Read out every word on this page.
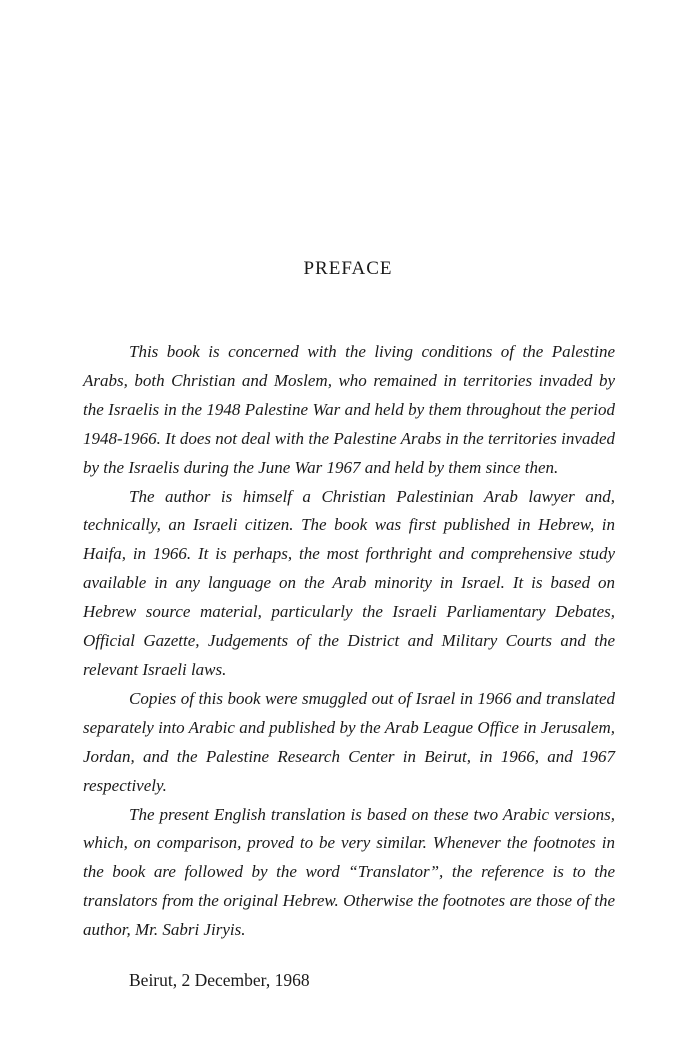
PREFACE

This book is concerned with the living conditions of the Palestine Arabs, both Christian and Moslem, who remained in territories invaded by the Israelis in the 1948 Palestine War and held by them throughout the period 1948-1966. It does not deal with the Palestine Arabs in the territories invaded by the Israelis during the June War 1967 and held by them since then.

The author is himself a Christian Palestinian Arab lawyer and, technically, an Israeli citizen. The book was first published in Hebrew, in Haifa, in 1966. It is perhaps, the most forthright and comprehensive study available in any language on the Arab minority in Israel. It is based on Hebrew source material, particularly the Israeli Parliamentary Debates, Official Gazette, Judgements of the District and Military Courts and the relevant Israeli laws.

Copies of this book were smuggled out of Israel in 1966 and translated separately into Arabic and published by the Arab League Office in Jerusalem, Jordan, and the Palestine Research Center in Beirut, in 1966, and 1967 respectively.

The present English translation is based on these two Arabic versions, which, on comparison, proved to be very similar. Whenever the footnotes in the book are followed by the word “Translator”, the reference is to the translators from the original Hebrew. Otherwise the footnotes are those of the author, Mr. Sabri Jiryis.

Beirut, 2 December, 1968
